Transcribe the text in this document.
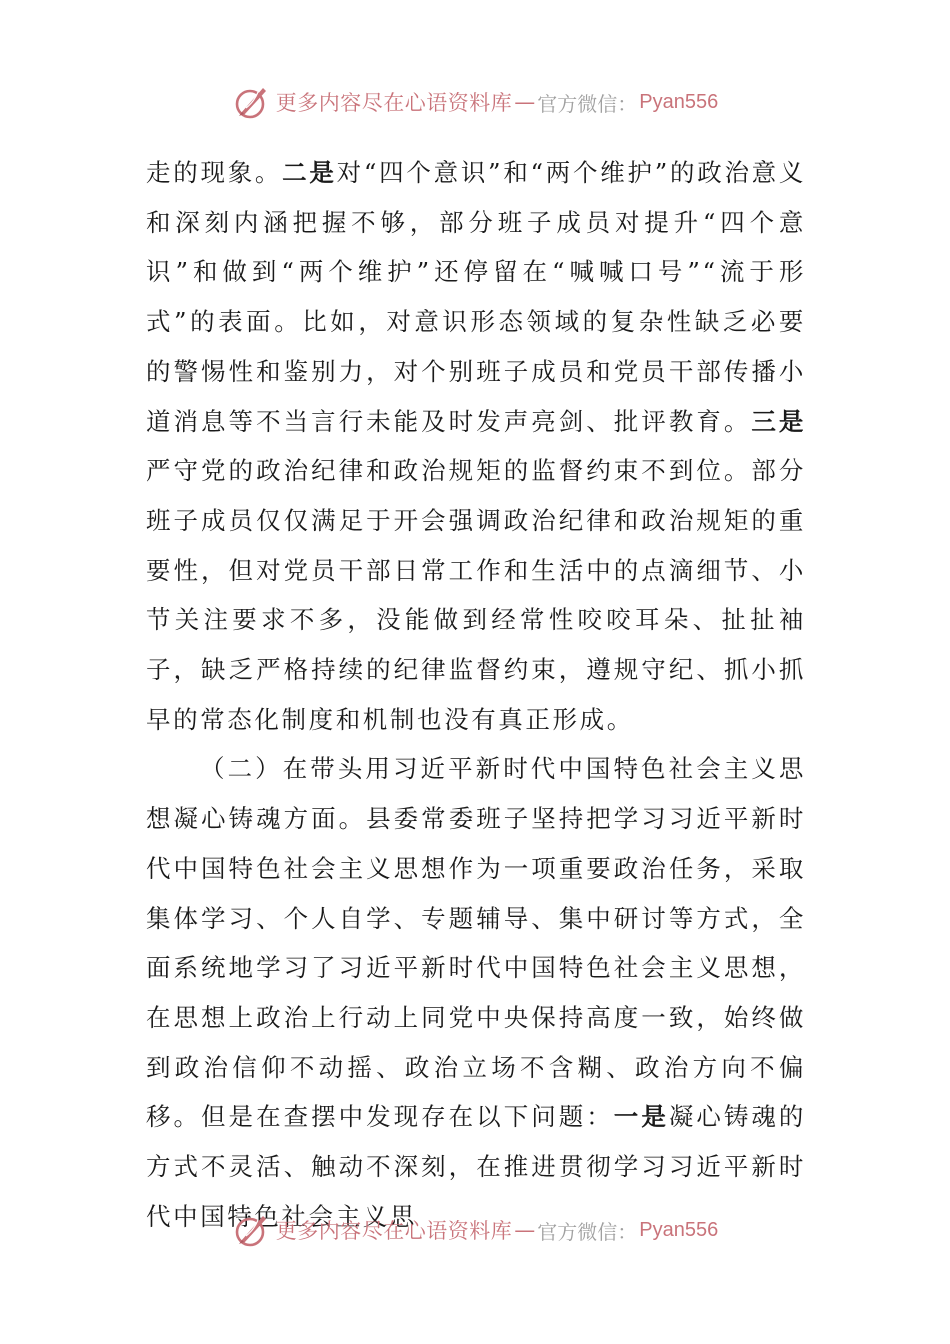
更多内容尽在心语资料库 — 官方微信： Pyan556

走的现象。二是对“四个意识”和“两个维护”的政治意义和深刻内涵把握不够，部分班子成员对提升“四个意识”和做到“两个维护”还停留在“喊喊口号”“流于形式”的表面。比如，对意识形态领域的复杂性缺乏必要的警惕性和鉴别力，对个别班子成员和党员干部传播小道消息等不当言行未能及时发声亮剑、批评教育。三是严守党的政治纪律和政治规矩的监督约束不到位。部分班子成员仅仅满足于开会强调政治纪律和政治规矩的重要性，但对党员干部日常工作和生活中的点滴细节、小节关注要求不多，没能做到经常性咬咬耳朵、扯扯袖子，缺乏严格持续的纪律监督约束，遵规守纪、抓小抓早的常态化制度和机制也没有真正形成。

（二）在带头用习近平新时代中国特色社会主义思想凝心铸魂方面。县委常委班子坚持把学习习近平新时代中国特色社会主义思想作为一项重要政治任务，采取集体学习、个人自学、专题辅导、集中研讨等方式，全面系统地学习了习近平新时代中国特色社会主义思想，在思想上政治上行动上同党中央保持高度一致，始终做到政治信仰不动摇、政治立场不含糊、政治方向不偏移。但是在查摆中发现存在以下问题：一是凝心铸魂的方式不灵活、触动不深刻，在推进贯彻学习习近平新时代中国特色社会主义思

更多内容尽在心语资料库 — 官方微信： Pyan556
